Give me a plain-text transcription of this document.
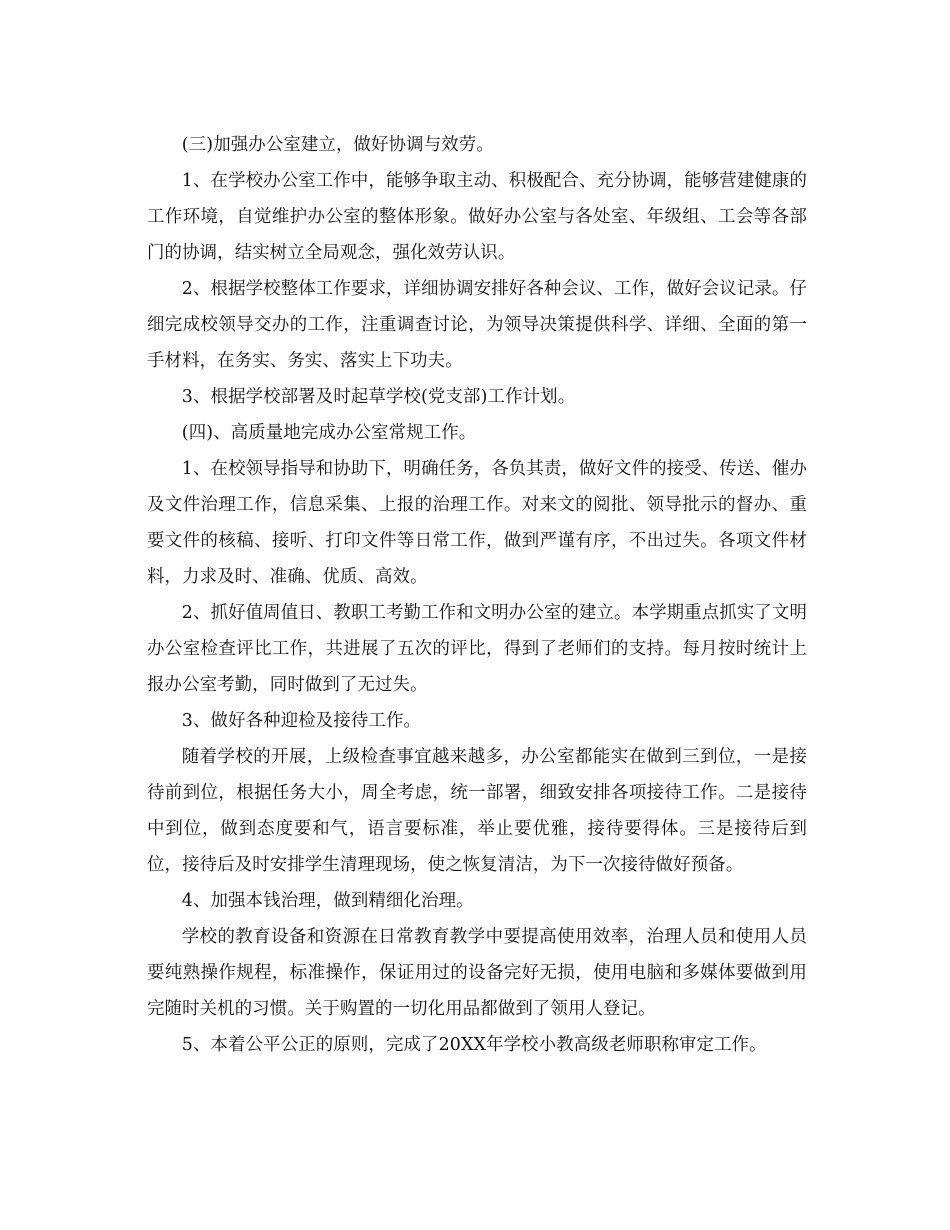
(三)加强办公室建立，做好协调与效劳。

1、在学校办公室工作中，能够争取主动、积极配合、充分协调，能够营建健康的工作环境，自觉维护办公室的整体形象。做好办公室与各处室、年级组、工会等各部门的协调，结实树立全局观念，强化效劳认识。

2、根据学校整体工作要求，详细协调安排好各种会议、工作，做好会议记录。仔细完成校领导交办的工作，注重调查讨论，为领导决策提供科学、详细、全面的第一手材料，在务实、务实、落实上下功夫。

3、根据学校部署及时起草学校(党支部)工作计划。

(四)、高质量地完成办公室常规工作。

1、在校领导指导和协助下，明确任务，各负其责，做好文件的接受、传送、催办及文件治理工作，信息采集、上报的治理工作。对来文的阅批、领导批示的督办、重要文件的核稿、接听、打印文件等日常工作，做到严谨有序，不出过失。各项文件材料，力求及时、准确、优质、高效。

2、抓好值周值日、教职工考勤工作和文明办公室的建立。本学期重点抓实了文明办公室检查评比工作，共进展了五次的评比，得到了老师们的支持。每月按时统计上报办公室考勤，同时做到了无过失。

3、做好各种迎检及接待工作。

随着学校的开展，上级检查事宜越来越多，办公室都能实在做到三到位，一是接待前到位，根据任务大小，周全考虑，统一部署，细致安排各项接待工作。二是接待中到位，做到态度要和气，语言要标准，举止要优雅，接待要得体。三是接待后到位，接待后及时安排学生清理现场，使之恢复清洁，为下一次接待做好预备。

4、加强本钱治理，做到精细化治理。

学校的教育设备和资源在日常教育教学中要提高使用效率，治理人员和使用人员要纯熟操作规程，标准操作，保证用过的设备完好无损，使用电脑和多媒体要做到用完随时关机的习惯。关于购置的一切化用品都做到了领用人登记。

5、本着公平公正的原则，完成了20XX年学校小教高级老师职称审定工作。
